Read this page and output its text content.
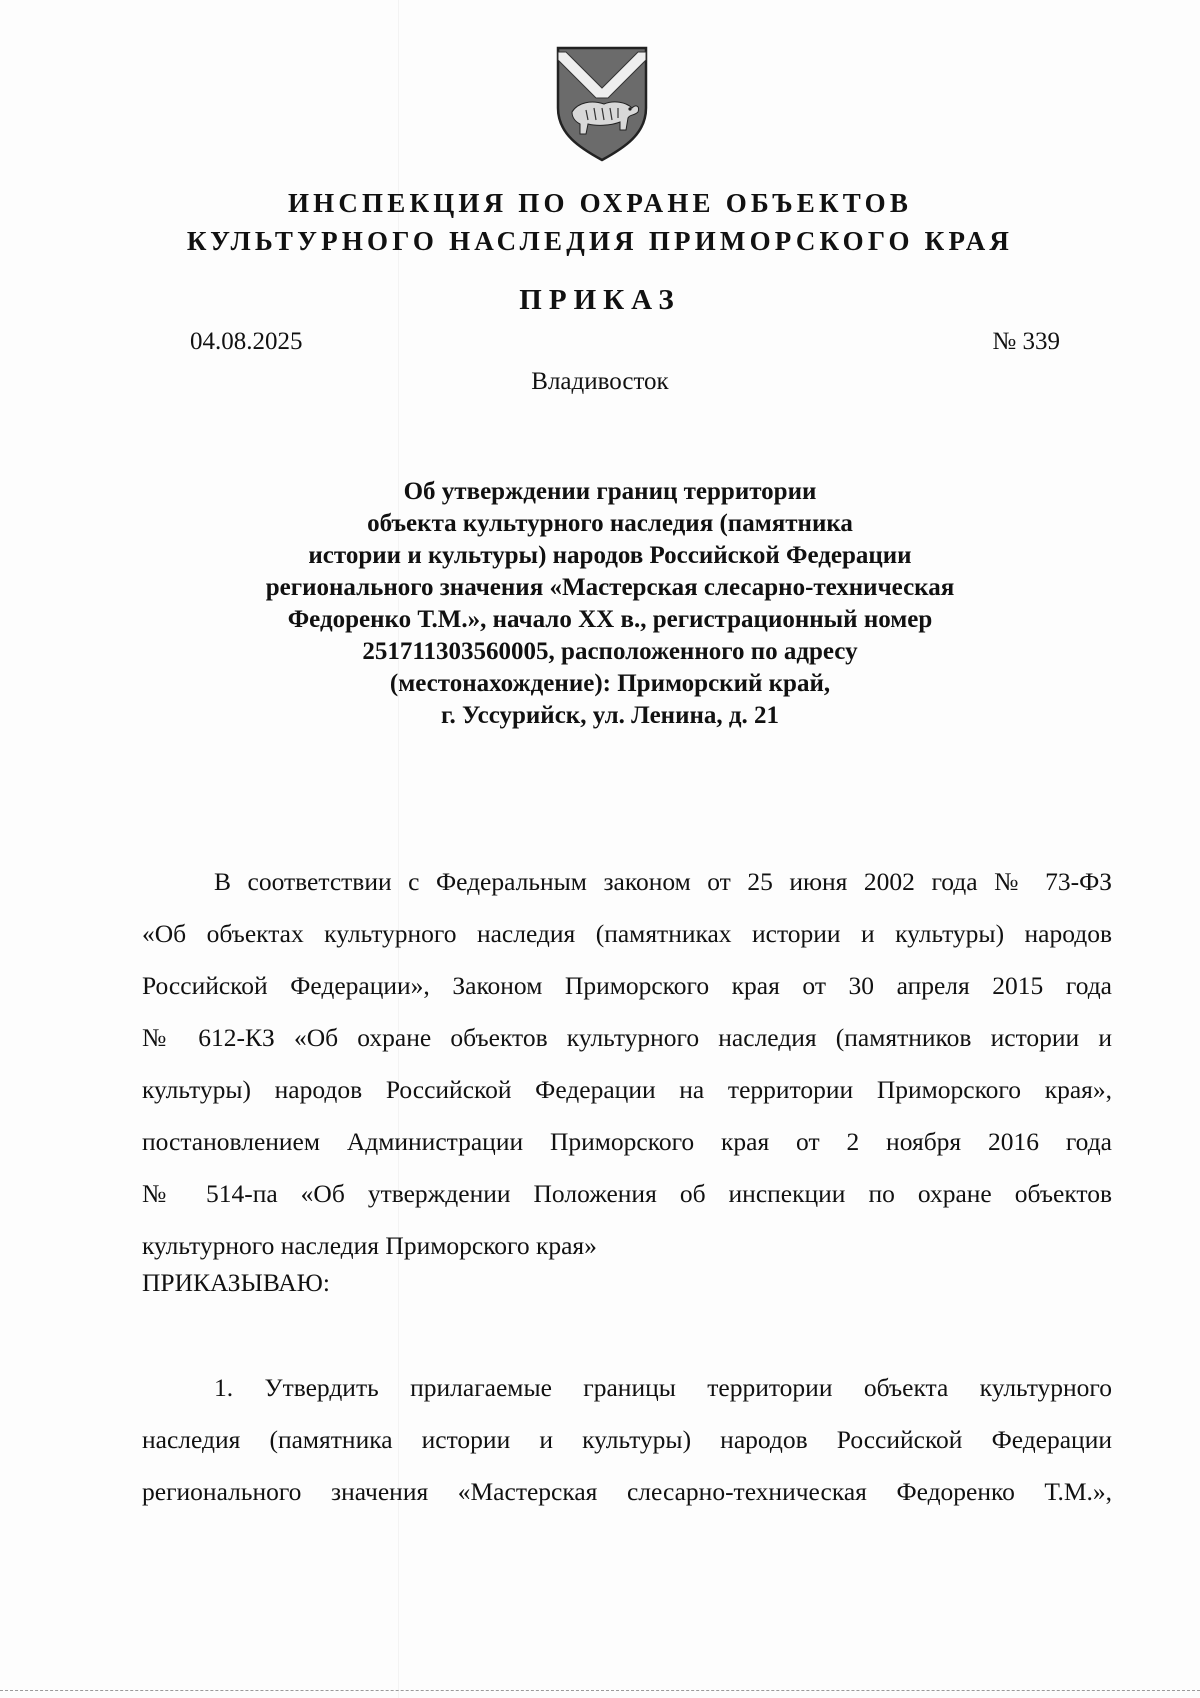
ИНСПЕКЦИЯ ПО ОХРАНЕ ОБЪЕКТОВ
КУЛЬТУРНОГО НАСЛЕДИЯ ПРИМОРСКОГО КРАЯ
ПРИКАЗ
04.08.2025	№ 339
Владивосток
Об утверждении границ территории
объекта культурного наследия (памятника
истории и культуры) народов Российской Федерации
регионального значения «Мастерская слесарно-техническая
Федоренко Т.М.», начало XX в., регистрационный номер
251711303560005, расположенного по адресу
(местонахождение): Приморский край,
г. Уссурийск, ул. Ленина, д. 21
В соответствии с Федеральным законом от 25 июня 2002 года № 73-ФЗ
«Об объектах культурного наследия (памятниках истории и культуры) народов
Российской Федерации», Законом Приморского края от 30 апреля 2015 года
№ 612-КЗ «Об охране объектов культурного наследия (памятников истории и
культуры) народов Российской Федерации на территории Приморского края»,
постановлением Администрации Приморского края от 2 ноября 2016 года
№ 514-па «Об утверждении Положения об инспекции по охране объектов
культурного наследия Приморского края»
ПРИКАЗЫВАЮ:
1. Утвердить прилагаемые границы территории объекта культурного
наследия (памятника истории и культуры) народов Российской Федерации
регионального значения «Мастерская слесарно-техническая Федоренко Т.М.»,
